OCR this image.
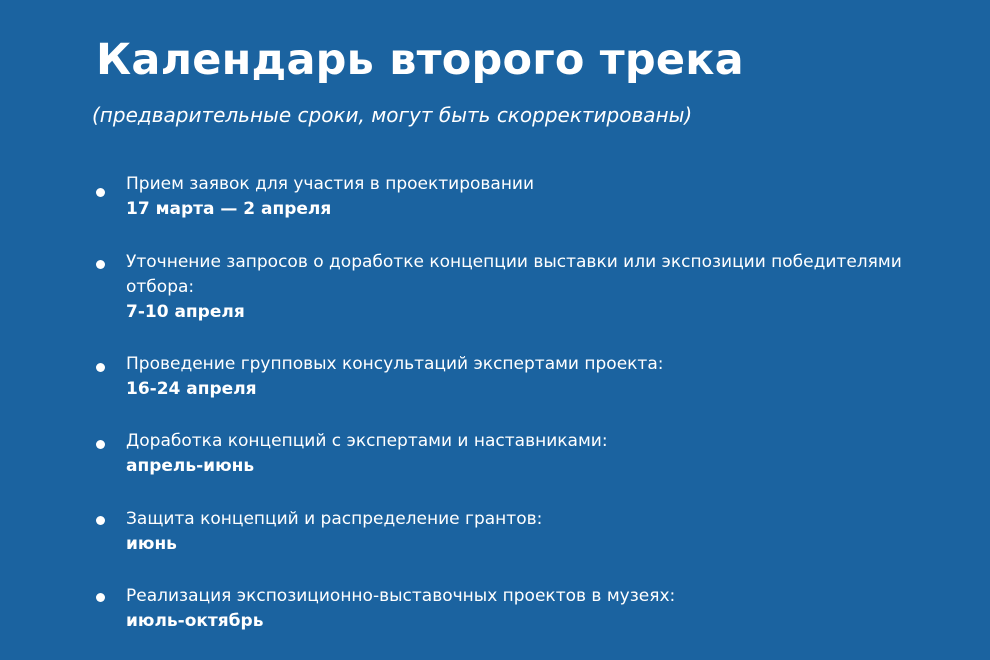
Календарь второго трека

(предварительные сроки, могут быть скорректированы)

Прием заявок для участия в проектировании
17 марта — 2 апреля
Уточнение запросов о доработке концепции выставки или экспозиции победителями отбора:
7-10 апреля
Проведение групповых консультаций экспертами проекта:
16-24 апреля
Доработка концепций с экспертами и наставниками:
апрель-июнь
Защита концепций и распределение грантов:
июнь
Реализация экспозиционно-выставочных проектов в музеях:
июль-октябрь
